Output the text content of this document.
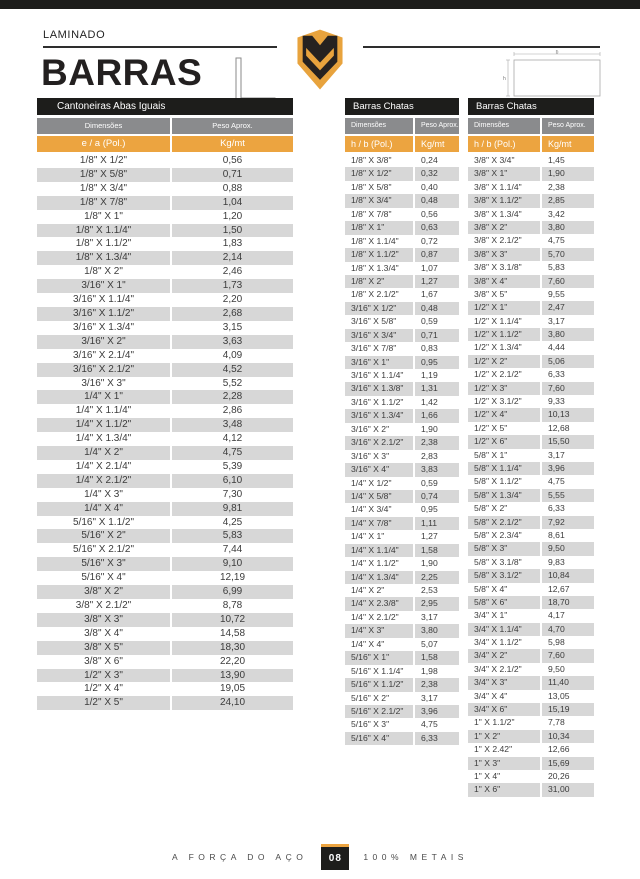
LAMINADO
BARRAS	b
h
Cantoneiras Abas Iguais
Dimensões	Peso Aprox.
e / a (Pol.)	Kg/mt
1/8" X 1/2"	0,56
1/8" X 5/8"	0,71
1/8" X 3/4"	0,88
1/8" X 7/8"	1,04
1/8" X 1"	1,20
1/8" X 1.1/4"	1,50
1/8" X 1.1/2"	1,83
1/8" X 1.3/4"	2,14
1/8" X 2"	2,46
3/16" X 1"	1,73
3/16" X 1.1/4"	2,20
3/16" X 1.1/2"	2,68
3/16" X 1.3/4"	3,15
3/16" X 2"	3,63
3/16" X 2.1/4"	4,09
3/16" X 2.1/2"	4,52
3/16" X 3"	5,52
1/4" X 1"	2,28
1/4" X 1.1/4"	2,86
1/4" X 1.1/2"	3,48
1/4" X 1.3/4"	4,12
1/4" X 2"	4,75
1/4" X 2.1/4"	5,39
1/4" X 2.1/2"	6,10
1/4" X 3"	7,30
1/4" X 4"	9,81
5/16" X 1.1/2"	4,25
5/16" X 2"	5,83
5/16" X 2.1/2"	7,44
5/16" X 3"	9,10
5/16" X 4"	12,19
3/8" X 2"	6,99
3/8" X 2.1/2"	8,78
3/8" X 3"	10,72
3/8" X 4"	14,58
3/8" X 5"	18,30
3/8" X 6"	22,20
1/2" X 3"	13,90
1/2" X 4"	19,05
1/2" X 5"	24,10
Barras Chatas
Dimensões	Peso Aprox.
h / b (Pol.)	Kg/mt
1/8" X 3/8"	0,24
1/8" X 1/2"	0,32
1/8" X 5/8"	0,40
1/8" X 3/4"	0,48
1/8" X 7/8"	0,56
1/8" X 1"	0,63
1/8" X 1.1/4"	0,72
1/8" X 1.1/2"	0,87
1/8" X 1.3/4"	1,07
1/8" X 2"	1,27
1/8" X 2.1/2"	1,67
3/16" X 1/2"	0,48
3/16" X 5/8"	0,59
3/16" X 3/4"	0,71
3/16" X 7/8"	0,83
3/16" X 1"	0,95
3/16" X 1.1/4"	1,19
3/16" X 1.3/8"	1,31
3/16" X 1.1/2"	1,42
3/16" X 1.3/4"	1,66
3/16" X 2"	1,90
3/16" X 2.1/2"	2,38
3/16" X 3"	2,83
3/16" X 4"	3,83
1/4" X 1/2"	0,59
1/4" X 5/8"	0,74
1/4" X 3/4"	0,95
1/4" X 7/8"	1,11
1/4" X 1"	1,27
1/4" X 1.1/4"	1,58
1/4" X 1.1/2"	1,90
1/4" X 1.3/4"	2,25
1/4" X 2"	2,53
1/4" X 2.3/8"	2,95
1/4" X 2.1/2"	3,17
1/4" X 3"	3,80
1/4" X 4"	5,07
5/16" X 1"	1,58
5/16" X 1.1/4"	1,98
5/16" X 1.1/2"	2,38
5/16" X 2"	3,17
5/16" X 2.1/2"	3,96
5/16" X 3"	4,75
5/16" X 4"	6,33
Barras Chatas
Dimensões	Peso Aprox.
h / b (Pol.)	Kg/mt
3/8" X 3/4"	1,45
3/8" X 1"	1,90
3/8" X 1.1/4"	2,38
3/8" X 1.1/2"	2,85
3/8" X 1.3/4"	3,42
3/8" X 2"	3,80
3/8" X 2.1/2"	4,75
3/8" X 3"	5,70
3/8" X 3.1/8"	5,83
3/8" X 4"	7,60
3/8" X 5"	9,55
1/2" X 1"	2,47
1/2" X 1.1/4"	3,17
1/2" X 1.1/2"	3,80
1/2" X 1.3/4"	4,44
1/2" X 2"	5,06
1/2" X 2.1/2"	6,33
1/2" X 3"	7,60
1/2" X 3.1/2"	9,33
1/2" X 4"	10,13
1/2" X 5"	12,68
1/2" X 6"	15,50
5/8" X 1"	3,17
5/8" X 1.1/4"	3,96
5/8" X 1.1/2"	4,75
5/8" X 1.3/4"	5,55
5/8" X 2"	6,33
5/8" X 2.1/2"	7,92
5/8" X 2.3/4"	8,61
5/8" X 3"	9,50
5/8" X 3.1/8"	9,83
5/8" X 3.1/2"	10,84
5/8" X 4"	12,67
5/8" X 6"	18,70
3/4" X 1"	4,17
3/4" X 1.1/4"	4,70
3/4" X 1.1/2"	5,98
3/4" X 2"	7,60
3/4" X 2.1/2"	9,50
3/4" X 3"	11,40
3/4" X 4"	13,05
3/4" X 6"	15,19
1" X 1.1/2"	7,78
1" X 2"	10,34
1" X 2.42"	12,66
1" X 3"	15,69
1" X 4"	20,26
1" X 6"	31,00
A FORÇA DO AÇO	08	100% METAIS
